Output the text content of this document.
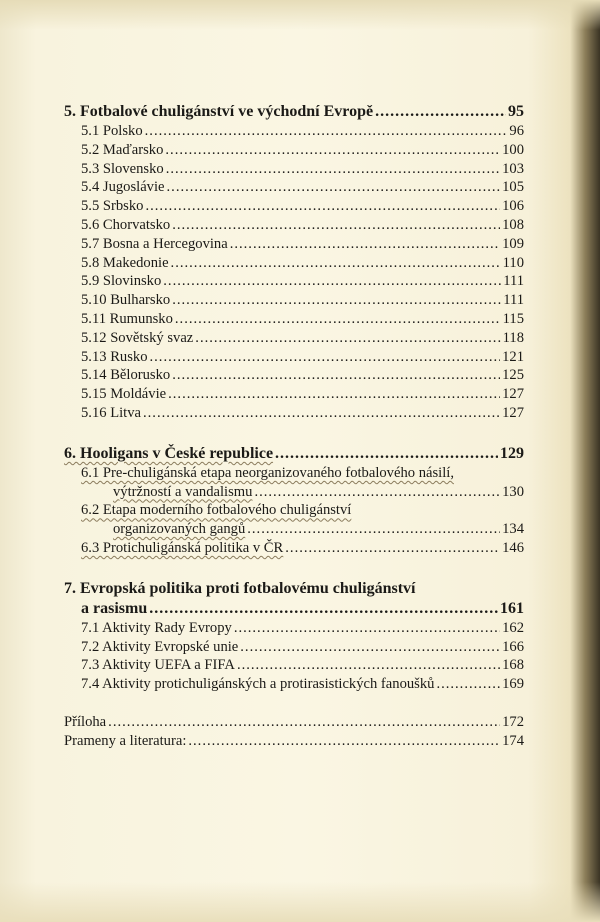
5. Fotbalové chuligánství ve východní Evropě .....	95
5.1 Polsko .....	96
5.2 Maďarsko .....	100
5.3 Slovensko .....	103
5.4 Jugoslávie .....	105
5.5 Srbsko .....	106
5.6 Chorvatsko .....	108
5.7 Bosna a Hercegovina .....	109
5.8 Makedonie .....	110
5.9 Slovinsko .....	111
5.10 Bulharsko .....	111
5.11 Rumunsko .....	115
5.12 Sovětský svaz .....	118
5.13 Rusko .....	121
5.14 Bělorusko .....	125
5.15 Moldávie .....	127
5.16 Litva .....	127
6. Hooligans v České republice .....	129
6.1 Pre-chuligánská etapa neorganizovaného fotbalového násilí,
výtržností a vandalismu .....	130
6.2 Etapa moderního fotbalového chuligánství
organizovaných gangů .....	134
6.3 Protichuligánská politika v ČR .....	146
7. Evropská politika proti fotbalovému chuligánství
a rasismu .....	161
7.1 Aktivity Rady Evropy .....	162
7.2 Aktivity Evropské unie .....	166
7.3 Aktivity UEFA a FIFA .....	168
7.4 Aktivity protichuligánských a protirasistických fanoušků .....	169
Příloha .....	172
Prameny a literatura: .....	174
